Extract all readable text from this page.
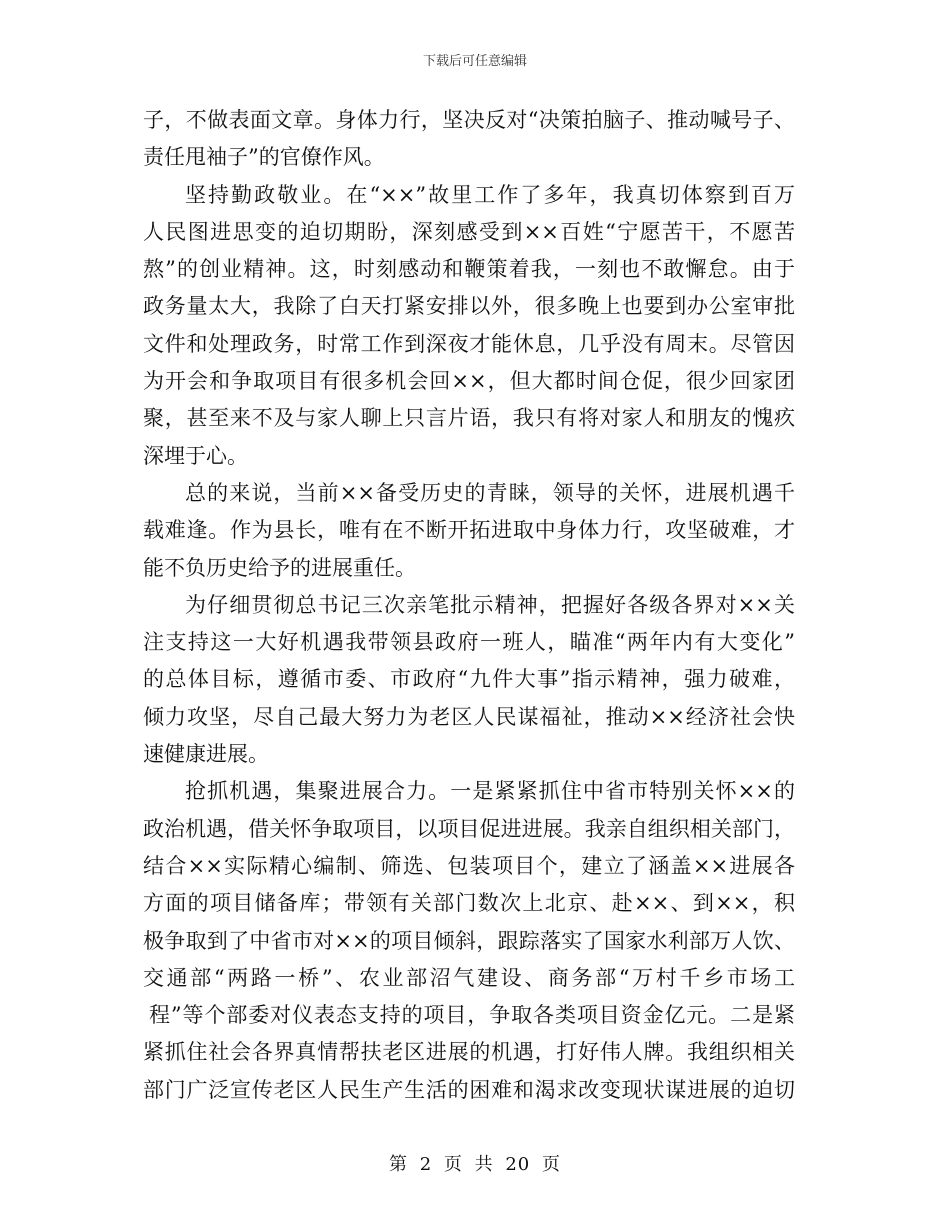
下载后可任意编辑
子，不做表面文章。身体力行，坚决反对“决策拍脑子、推动喊号子、
责任甩袖子”的官僚作风。
坚持勤政敬业。在“××”故里工作了多年，我真切体察到百万
人民图进思变的迫切期盼，深刻感受到××百姓“宁愿苦干，不愿苦
熬”的创业精神。这，时刻感动和鞭策着我，一刻也不敢懈怠。由于
政务量太大，我除了白天打紧安排以外，很多晚上也要到办公室审批
文件和处理政务，时常工作到深夜才能休息，几乎没有周末。尽管因
为开会和争取项目有很多机会回××，但大都时间仓促，很少回家团
聚，甚至来不及与家人聊上只言片语，我只有将对家人和朋友的愧疚
深埋于心。
总的来说，当前××备受历史的青睐，领导的关怀，进展机遇千
载难逢。作为县长，唯有在不断开拓进取中身体力行，攻坚破难，才
能不负历史给予的进展重任。
为仔细贯彻总书记三次亲笔批示精神，把握好各级各界对××关
注支持这一大好机遇我带领县政府一班人，瞄准“两年内有大变化”
的总体目标，遵循市委、市政府“九件大事”指示精神，强力破难，
倾力攻坚，尽自己最大努力为老区人民谋福祉，推动××经济社会快
速健康进展。
抢抓机遇，集聚进展合力。一是紧紧抓住中省市特别关怀××的
政治机遇，借关怀争取项目，以项目促进进展。我亲自组织相关部门，
结合××实际精心编制、筛选、包装项目个，建立了涵盖××进展各
方面的项目储备库；带领有关部门数次上北京、赴××、到××，积
极争取到了中省市对××的项目倾斜，跟踪落实了国家水利部万人饮、
交通部“两路一桥”、农业部沼气建设、商务部“万村千乡市场工
程”等个部委对仪表态支持的项目，争取各类项目资金亿元。二是紧
紧抓住社会各界真情帮扶老区进展的机遇，打好伟人牌。我组织相关
部门广泛宣传老区人民生产生活的困难和渴求改变现状谋进展的迫切
第 2 页 共 20 页
